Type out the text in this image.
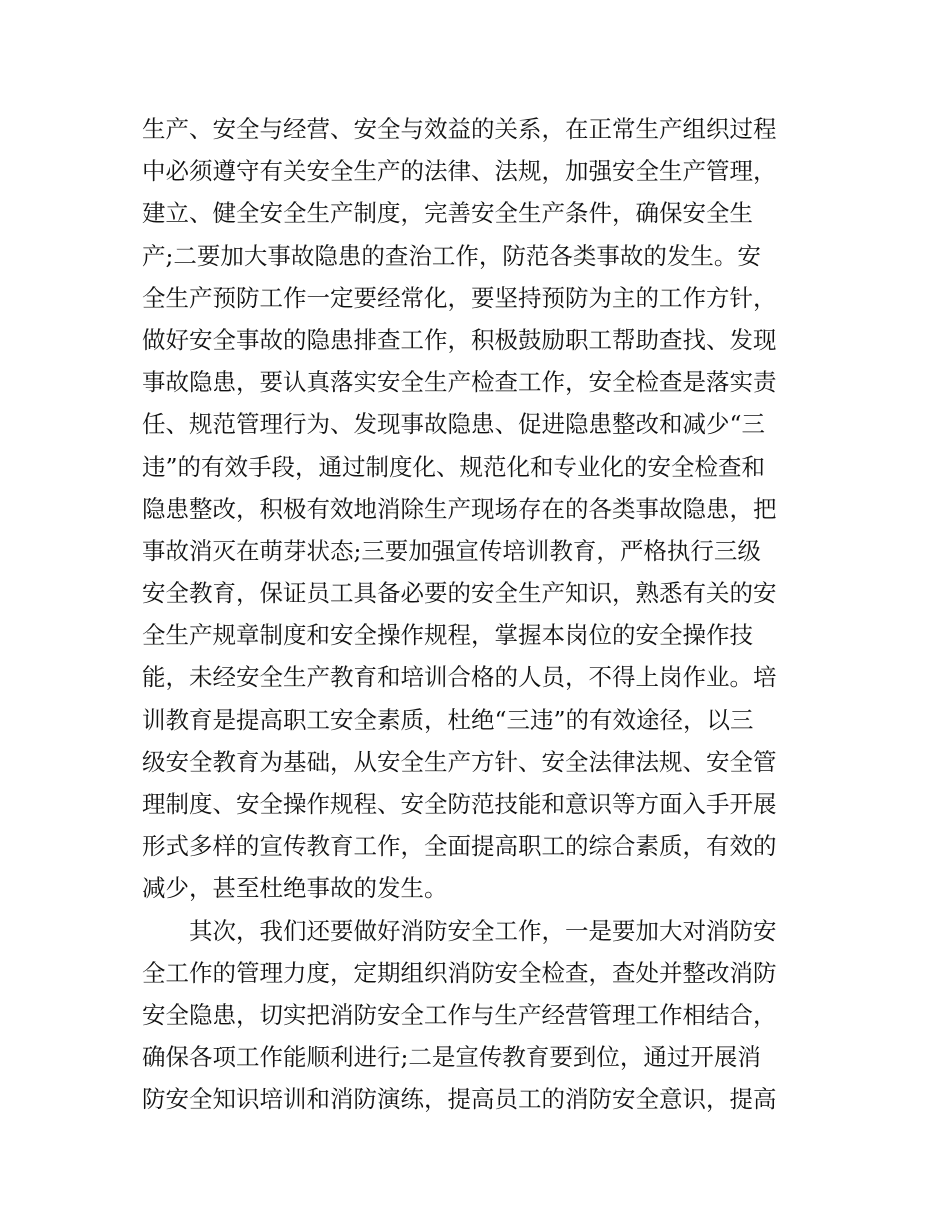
生产、安全与经营、安全与效益的关系，在正常生产组织过程
中必须遵守有关安全生产的法律、法规，加强安全生产管理，
建立、健全安全生产制度，完善安全生产条件，确保安全生
产;二要加大事故隐患的查治工作，防范各类事故的发生。安
全生产预防工作一定要经常化，要坚持预防为主的工作方针，
做好安全事故的隐患排查工作，积极鼓励职工帮助查找、发现
事故隐患，要认真落实安全生产检查工作，安全检查是落实责
任、规范管理行为、发现事故隐患、促进隐患整改和减少“三
违”的有效手段，通过制度化、规范化和专业化的安全检查和
隐患整改，积极有效地消除生产现场存在的各类事故隐患，把
事故消灭在萌芽状态;三要加强宣传培训教育，严格执行三级
安全教育，保证员工具备必要的安全生产知识，熟悉有关的安
全生产规章制度和安全操作规程，掌握本岗位的安全操作技
能，未经安全生产教育和培训合格的人员，不得上岗作业。培
训教育是提高职工安全素质，杜绝“三违”的有效途径，以三
级安全教育为基础，从安全生产方针、安全法律法规、安全管
理制度、安全操作规程、安全防范技能和意识等方面入手开展
形式多样的宣传教育工作，全面提高职工的综合素质，有效的
减少，甚至杜绝事故的发生。
其次，我们还要做好消防安全工作，一是要加大对消防安
全工作的管理力度，定期组织消防安全检查，查处并整改消防
安全隐患，切实把消防安全工作与生产经营管理工作相结合，
确保各项工作能顺利进行;二是宣传教育要到位，通过开展消
防安全知识培训和消防演练，提高员工的消防安全意识，提高
